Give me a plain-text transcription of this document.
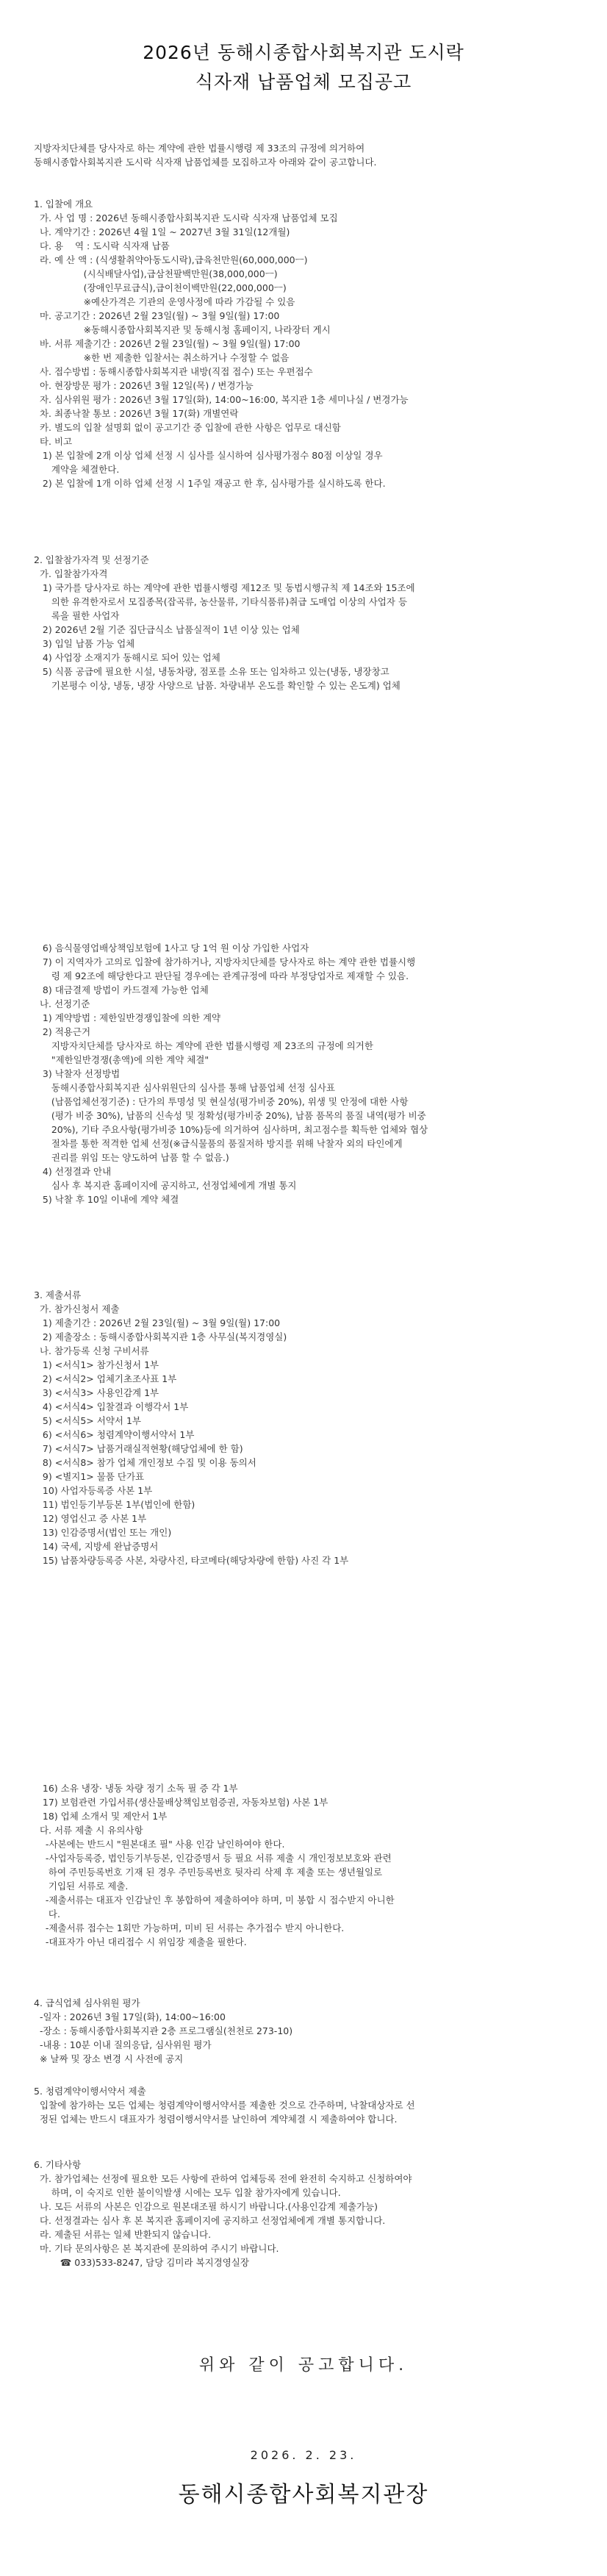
2026년 동해시종합사회복지관 도시락
식자재 납품업체 모집공고
지방자치단체를 당사자로 하는 계약에 관한 법률시행령 제 33조의 규정에 의거하여
동해시종합사회복지관 도시락 식자재 납품업체를 모집하고자 아래와 같이 공고합니다.
1. 입찰에 개요
가. 사 업 명 : 2026년 동해시종합사회복지관 도시락 식자재 납품업체 모집
나. 계약기간 : 2026년 4월 1일 ~ 2027년 3월 31일(12개월)
다. 용    역 : 도시락 식자재 납품
라. 예 산 액 : (식생활취약아동도시락),급육천만원(60,000,000ㅡ)
(시식배달사업),급삼천팔백만원(38,000,000ㅡ)
(장애인무료급식),급이천이백만원(22,000,000ㅡ)
※예산가격은 기관의 운영사정에 따라 가감될 수 있음
마. 공고기간 : 2026년 2월 23일(월) ~ 3월 9일(월) 17:00
※동해시종합사회복지관 및 동해시청 홈페이지, 나라장터 게시
바. 서류 제출기간 : 2026년 2월 23일(월) ~ 3월 9일(월) 17:00
※한 번 제출한 입찰서는 취소하거나 수정할 수 없음
사. 접수방법 : 동해시종합사회복지관 내방(직접 접수) 또는 우편접수
아. 현장방문 평가 : 2026년 3월 12일(목) / 변경가능
자. 심사위원 평가 : 2026년 3월 17일(화), 14:00~16:00, 복지관 1층 세미나실 / 변경가능
차. 최종낙찰 통보 : 2026년 3월 17(화) 개별연락
카. 별도의 입찰 설명회 없이 공고기간 중 입찰에 관한 사항은 업무로 대신함
타. 비고
1) 본 입찰에 2개 이상 업체 선정 시 심사를 실시하여 심사평가점수 80점 이상일 경우
계약을 체결한다.
2) 본 입찰에 1개 이하 업체 선정 시 1주일 재공고 한 후, 심사평가를 실시하도록 한다.
2. 입찰참가자격 및 선정기준
가. 입찰참가자격
1) 국가를 당사자로 하는 계약에 관한 법률시행령 제12조 및 동법시행규칙 제 14조와 15조에
의한 유격한자로서 모집종목(잡곡류, 농산물류, 기타식품류)취급 도매업 이상의 사업자 등
록을 필한 사업자
2) 2026년 2월 기준 집단급식소 납품실적이 1년 이상 있는 업체
3) 입일 납품 가능 업체
4) 사업장 소재지가 동해시로 되어 있는 업체
5) 식품 공급에 필요한 시설, 냉동차량, 점포를 소유 또는 임차하고 있는(냉동, 냉장창고
기본평수 이상, 냉동, 냉장 사양으로 납품. 차량내부 온도를 확인할 수 있는 온도계) 업체
6) 음식물영업배상책임보험에 1사고 당 1억 원 이상 가입한 사업자
7) 이 지역자가 고의로 입찰에 참가하거나, 지방자치단체를 당사자로 하는 계약 관한 법률시행
령 제 92조에 해당한다고 판단될 경우에는 관계규정에 따라 부정당업자로 제재할 수 있음.
8) 대금결제 방법이 카드결제 가능한 업체
나. 선정기준
1) 계약방법 : 제한일반경쟁입찰에 의한 계약
2) 적용근거
지방자치단체를 당사자로 하는 계약에 관한 법률시행령 제 23조의 규정에 의거한
"제한일반경쟁(총액)에 의한 계약 체결"
3) 낙찰자 선정방법
동해시종합사회복지관 심사위원단의 심사를 통해 납품업체 선정 심사표
(납품업체선정기준) : 단가의 투명성 및 현실성(평가비중 20%), 위생 및 안정에 대한 사항
(평가 비중 30%), 납품의 신속성 및 정확성(평가비중 20%), 납품 품목의 품질 내역(평가 비중
20%), 기타 주요사항(평가비중 10%)등에 의거하여 심사하며, 최고점수를 획득한 업체와 협상
절차를 통한 적격한 업체 선정(※급식물품의 품질저하 방지를 위해 낙찰자 외의 타인에게
권리를 위임 또는 양도하여 납품 할 수 없음.)
4) 선정결과 안내
심사 후 복지관 홈페이지에 공지하고, 선정업체에게 개별 통지
5) 낙찰 후 10일 이내에 계약 체결
3. 제출서류
가. 참가신청서 제출
1) 제출기간 : 2026년 2월 23일(월) ~ 3월 9일(월) 17:00
2) 제출장소 : 동해시종합사회복지관 1층 사무실(복지경영실)
나. 참가등록 신청 구비서류
1) <서식1> 참가신청서 1부
2) <서식2> 업체기초조사표 1부
3) <서식3> 사용인감계 1부
4) <서식4> 입찰결과 이행각서 1부
5) <서식5> 서약서 1부
6) <서식6> 청렴계약이행서약서 1부
7) <서식7> 납품거래실적현황(해당업체에 한 함)
8) <서식8> 참가 업체 개인정보 수집 및 이용 동의서
9) <별지1> 물품 단가표
10) 사업자등록증 사본 1부
11) 법인등기부등본 1부(법인에 한함)
12) 영업신고 증 사본 1부
13) 인감증명서(법인 또는 개인)
14) 국세, 지방세 완납증명서
15) 납품차량등록증 사본, 차량사진, 타코메타(해당차량에 한함) 사진 각 1부
16) 소유 냉장· 냉동 차량 정기 소독 필 증 각 1부
17) 보험관련 가입서류(생산물배상책임보험증권, 자동차보험) 사본 1부
18) 업체 소개서 및 제안서 1부
다. 서류 제출 시 유의사항
-사본에는 반드시 "원본대조 필" 사용 인감 날인하여야 한다.
-사업자등록증, 법인등기부등본, 인감증명서 등 필요 서류 제출 시 개인정보보호와 관련
하여 주민등록번호 기재 된 경우 주민등록번호 뒷자리 삭제 후 제출 또는 생년월일로
기입된 서류로 제출.
-제출서류는 대표자 인감날인 후 봉합하여 제출하여야 하며, 미 봉합 시 접수받지 아니한
다.
-제출서류 접수는 1회만 가능하며, 미비 된 서류는 추가접수 받지 아니한다.
-대표자가 아닌 대리접수 시 위임장 제출을 필한다.
4. 급식업체 심사위원 평가
-일자 : 2026년 3월 17일(화), 14:00~16:00
-장소 : 동해시종합사회복지관 2층 프로그램실(천천로 273-10)
-내용 : 10분 이내 질의응답, 심사위원 평가
※ 날짜 및 장소 변경 시 사전에 공지
5. 청렴계약이행서약서 제출
입찰에 참가하는 모든 업체는 청렴계약이행서약서를 제출한 것으로 간주하며, 낙찰대상자로 선
정된 업체는 반드시 대표자가 청렴이행서약서를 날인하여 계약체결 시 제출하여야 합니다.
6. 기타사항
가. 참가업체는 선정에 필요한 모든 사항에 관하여 업체등록 전에 완전히 숙지하고 신청하여야
하며, 이 숙지로 인한 불이익발생 시에는 모두 입찰 참가자에게 있습니다.
나. 모든 서류의 사본은 인감으로 원본대조필 하시기 바랍니다.(사용인감계 제출가능)
다. 선정결과는 심사 후 본 복지관 홈페이지에 공지하고 선정업체에게 개별 통지합니다.
라. 제출된 서류는 일체 반환되지 않습니다.
마. 기타 문의사항은 본 복지관에 문의하여 주시기 바랍니다.
☎ 033)533-8247, 담당 김미라 복지경영실장
위와 같이 공고합니다.
2026. 2. 23.
동해시종합사회복지관장
